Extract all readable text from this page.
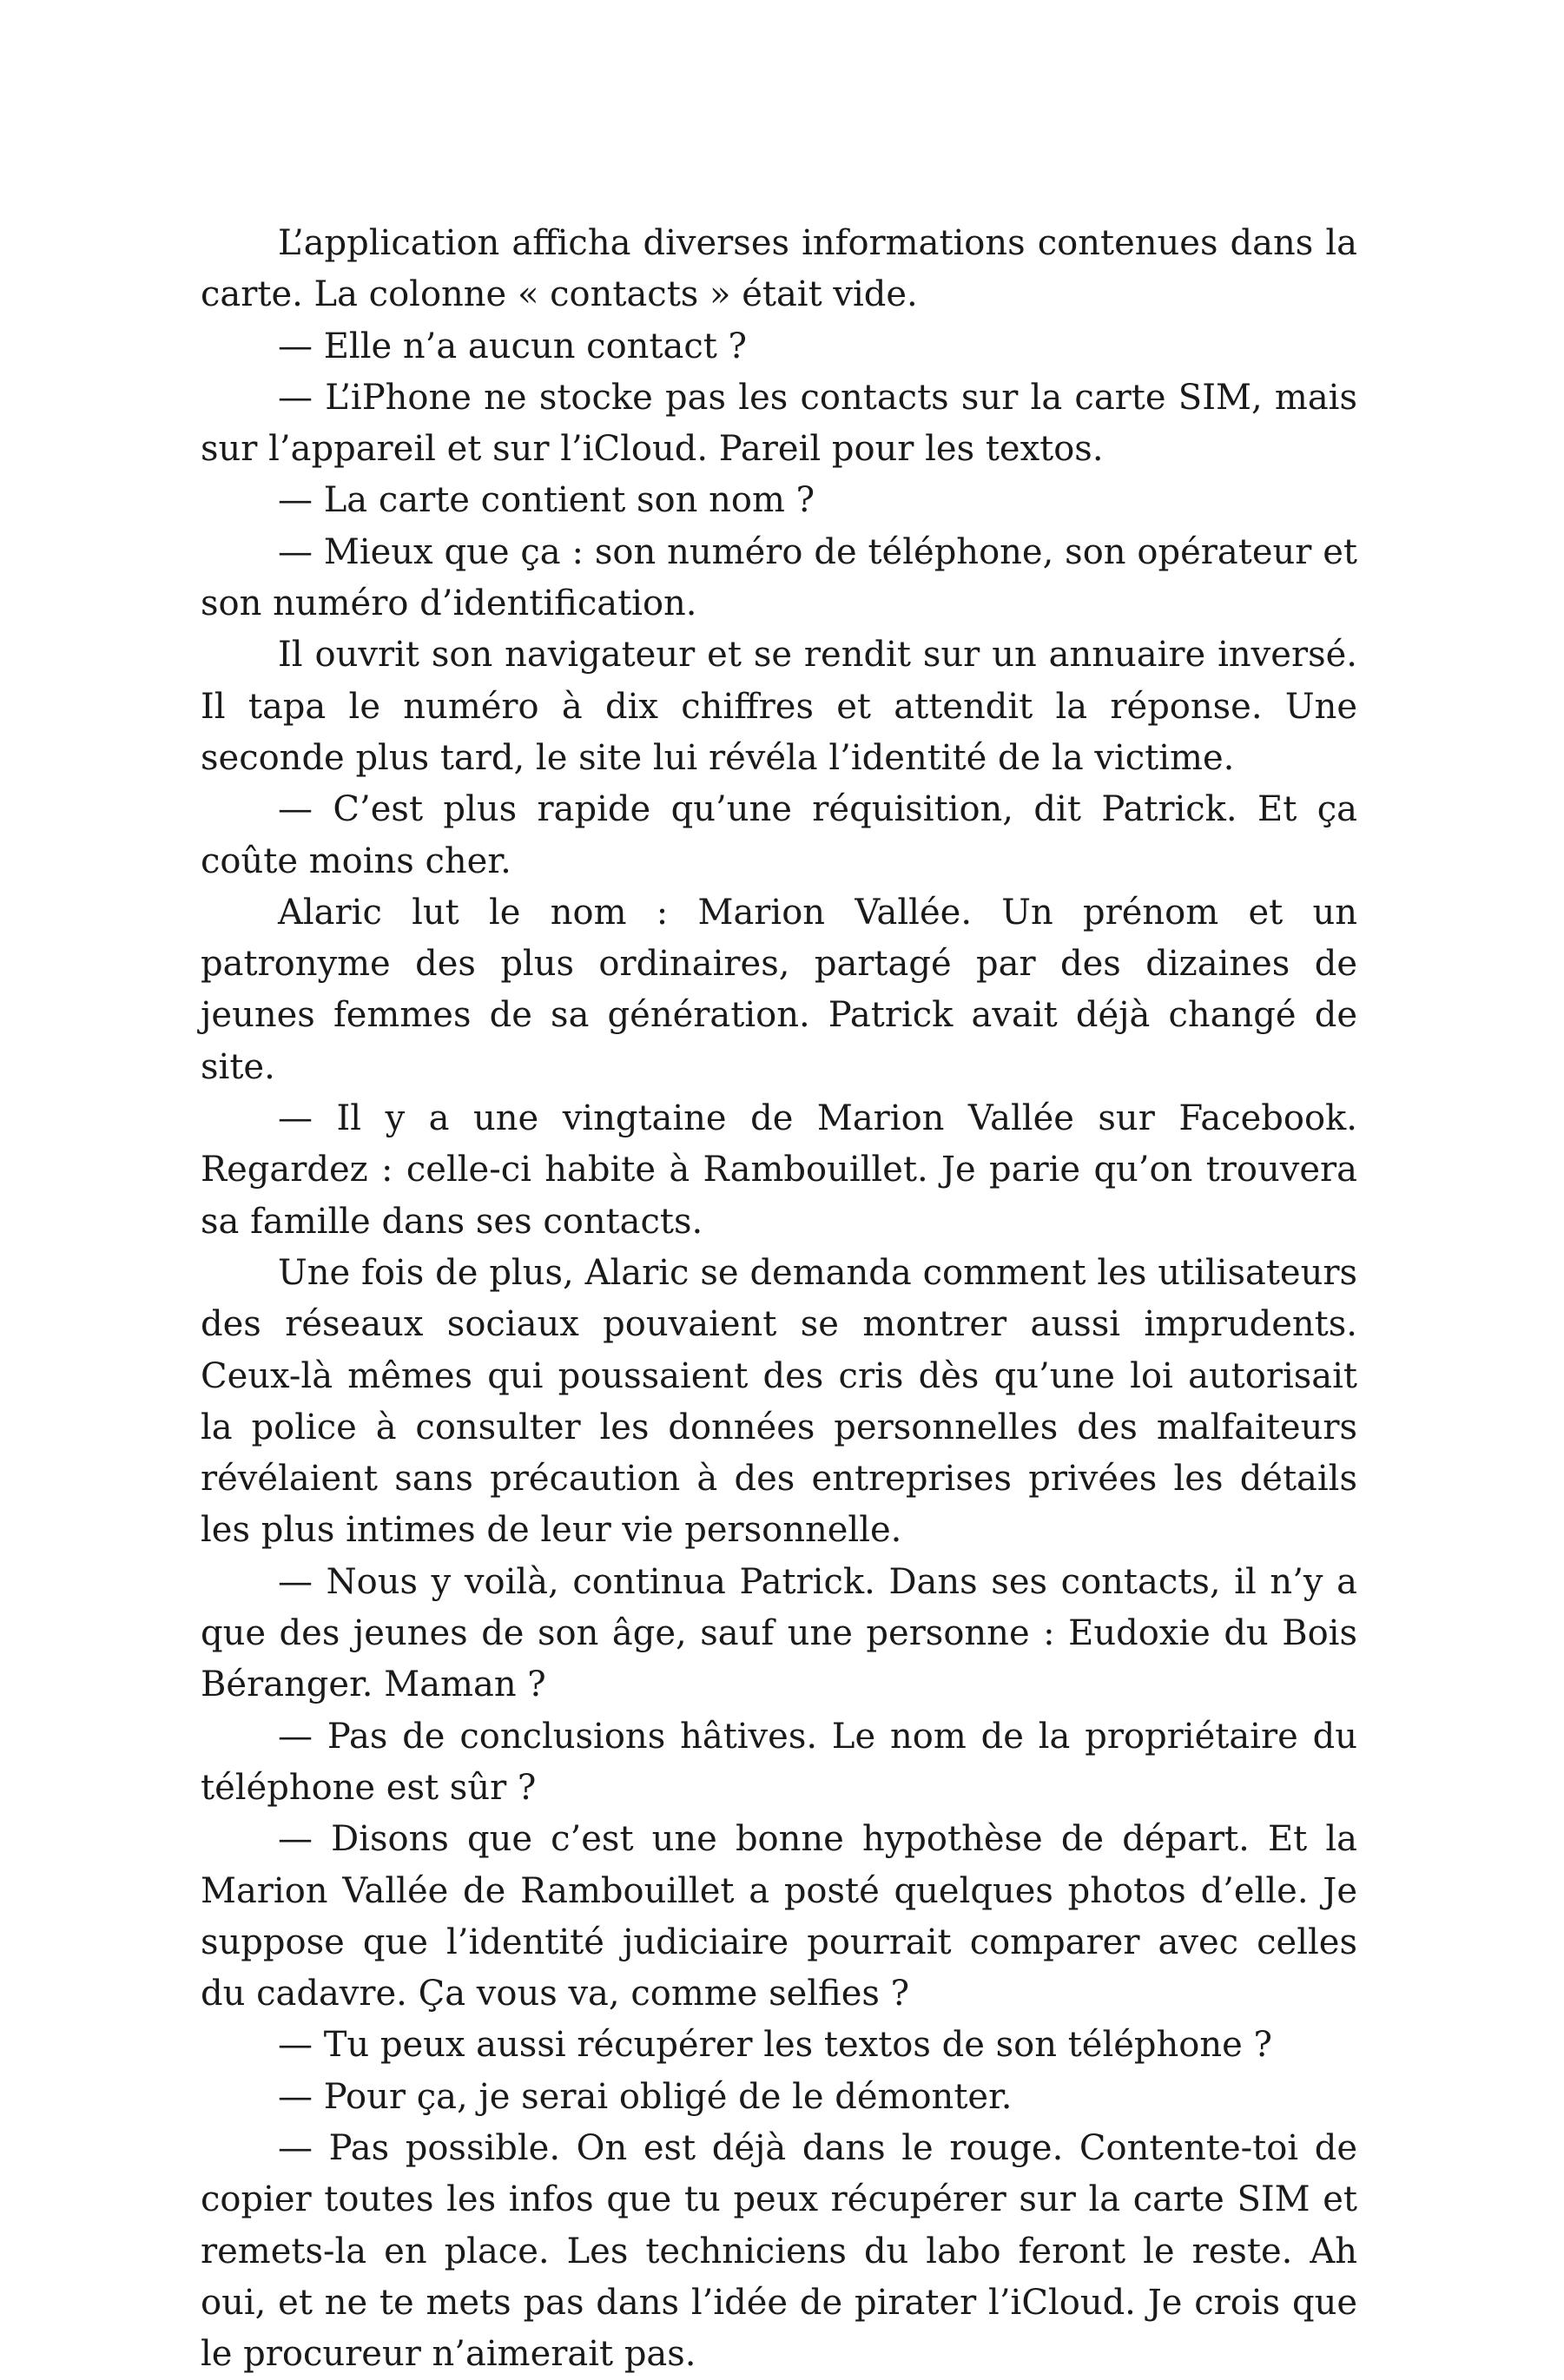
L’application afficha diverses informations contenues dans la carte. La colonne « contacts » était vide.

— Elle n’a aucun contact ?

— L’iPhone ne stocke pas les contacts sur la carte SIM, mais sur l’appareil et sur l’iCloud. Pareil pour les textos.

— La carte contient son nom ?

— Mieux que ça : son numéro de téléphone, son opérateur et son numéro d’identification.

Il ouvrit son navigateur et se rendit sur un annuaire inversé. Il tapa le numéro à dix chiffres et attendit la réponse. Une seconde plus tard, le site lui révéla l’identité de la victime.

— C’est plus rapide qu’une réquisition, dit Patrick. Et ça coûte moins cher.

Alaric lut le nom : Marion Vallée. Un prénom et un patronyme des plus ordinaires, partagé par des dizaines de jeunes femmes de sa génération. Patrick avait déjà changé de site.

— Il y a une vingtaine de Marion Vallée sur Facebook. Regardez : celle-ci habite à Rambouillet. Je parie qu’on trouvera sa famille dans ses contacts.

Une fois de plus, Alaric se demanda comment les utilisateurs des réseaux sociaux pouvaient se montrer aussi imprudents. Ceux-là mêmes qui poussaient des cris dès qu’une loi autorisait la police à consulter les données personnelles des malfaiteurs révélaient sans précaution à des entreprises privées les détails les plus intimes de leur vie personnelle.

— Nous y voilà, continua Patrick. Dans ses contacts, il n’y a que des jeunes de son âge, sauf une personne : Eudoxie du Bois Béranger. Maman ?

— Pas de conclusions hâtives. Le nom de la propriétaire du téléphone est sûr ?

— Disons que c’est une bonne hypothèse de départ. Et la Marion Vallée de Rambouillet a posté quelques photos d’elle. Je suppose que l’identité judiciaire pourrait comparer avec celles du cadavre. Ça vous va, comme selfies ?

— Tu peux aussi récupérer les textos de son téléphone ?

— Pour ça, je serai obligé de le démonter.

— Pas possible. On est déjà dans le rouge. Contente-toi de copier toutes les infos que tu peux récupérer sur la carte SIM et remets-la en place. Les techniciens du labo feront le reste. Ah oui, et ne te mets pas dans l’idée de pirater l’iCloud. Je crois que le procureur n’aimerait pas.
